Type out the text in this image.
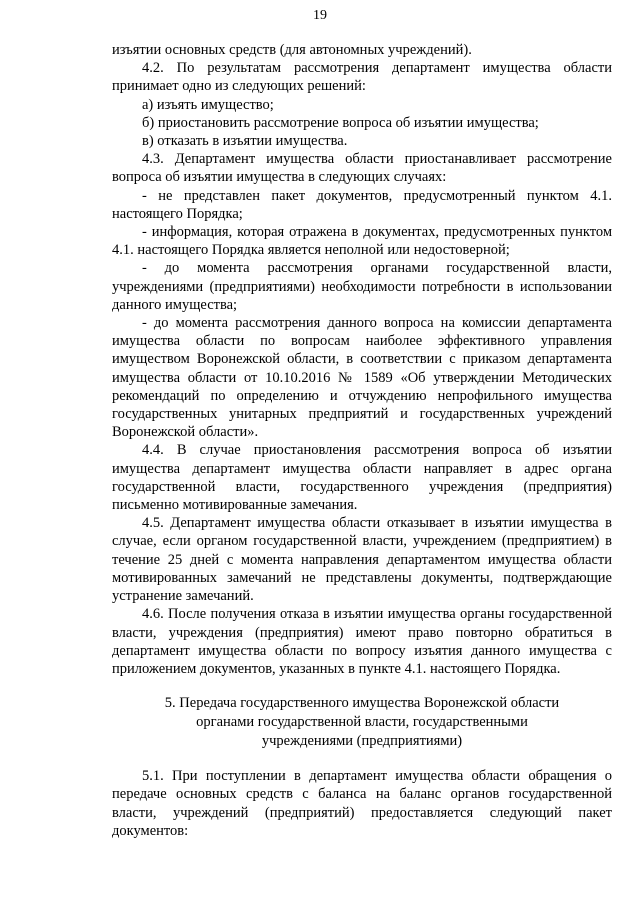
19

изъятии основных средств (для автономных учреждений).

4.2. По результатам рассмотрения департамент имущества области принимает одно из следующих решений:

а) изъять имущество;

б) приостановить рассмотрение вопроса об изъятии имущества;

в) отказать в изъятии имущества.

4.3. Департамент имущества области приостанавливает рассмотрение вопроса об изъятии имущества в следующих случаях:

- не представлен пакет документов, предусмотренный пунктом 4.1. настоящего Порядка;

- информация, которая отражена в документах, предусмотренных пунктом 4.1. настоящего Порядка является неполной или недостоверной;

- до момента рассмотрения органами государственной власти, учреждениями (предприятиями) необходимости потребности в использовании данного имущества;

- до момента рассмотрения данного вопроса на комиссии департамента имущества области по вопросам наиболее эффективного управления имуществом Воронежской области, в соответствии с приказом департамента имущества области от 10.10.2016 № 1589 «Об утверждении Методических рекомендаций по определению и отчуждению непрофильного имущества государственных унитарных предприятий и государственных учреждений Воронежской области».

4.4. В случае приостановления рассмотрения вопроса об изъятии имущества департамент имущества области направляет в адрес органа государственной власти, государственного учреждения (предприятия) письменно мотивированные замечания.

4.5. Департамент имущества области отказывает в изъятии имущества в случае, если органом государственной власти, учреждением (предприятием) в течение 25 дней с момента направления департаментом имущества области мотивированных замечаний не представлены документы, подтверждающие устранение замечаний.

4.6. После получения отказа в изъятии имущества органы государственной власти, учреждения (предприятия) имеют право повторно обратиться в департамент имущества области по вопросу изъятия данного имущества с приложением документов, указанных в пункте 4.1. настоящего Порядка.

5. Передача государственного имущества Воронежской области
органами государственной власти, государственными
учреждениями (предприятиями)

5.1. При поступлении в департамент имущества области обращения о передаче основных средств с баланса на баланс органов государственной власти, учреждений (предприятий) предоставляется следующий пакет документов:
